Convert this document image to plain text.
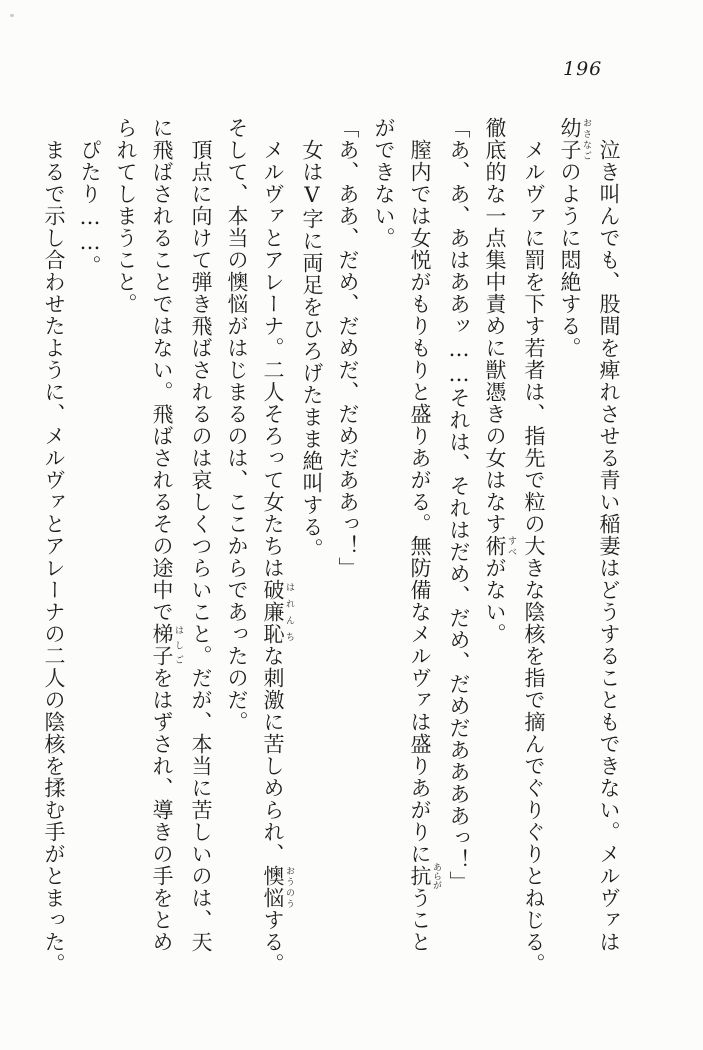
196
泣き叫んでも、股間を痺れさせる青い稲妻はどうすることもできない。メルヴァは
幼子 おさなごのように悶絶する。
メルヴァに罰を下す若者は、指先で粒の大きな陰核を指で摘んでぐりぐりとねじる。
徹底的な一点集中責めに獣憑きの女はなす術 すべがない。
「あ、あ、あはああッ……それは、それはだめ、だめ、だめだああああっ！」
膣内では女悦がもりもりと盛りあがる。無防備なメルヴァは盛りあがりに抗 あらがうこと
ができない。
「あ、ああ、だめ、だめだ、だめだああっ！」
女はV字に両足をひろげたまま絶叫する。
メルヴァとアレーナ。二人そろって女たちは破廉恥 はれんちな刺激に苦しめられ、懊悩 おうのうする。
そして、本当の懊悩がはじまるのは、ここからであったのだ。
頂点に向けて弾き飛ばされるのは哀しくつらいこと。だが、本当に苦しいのは、天
に飛ばされることではない。飛ばされるその途中で梯子 はしごをはずされ、導きの手をとめ
られてしまうこと。
ぴたり……。
まるで示し合わせたように、メルヴァとアレーナの二人の陰核を揉む手がとまった。
